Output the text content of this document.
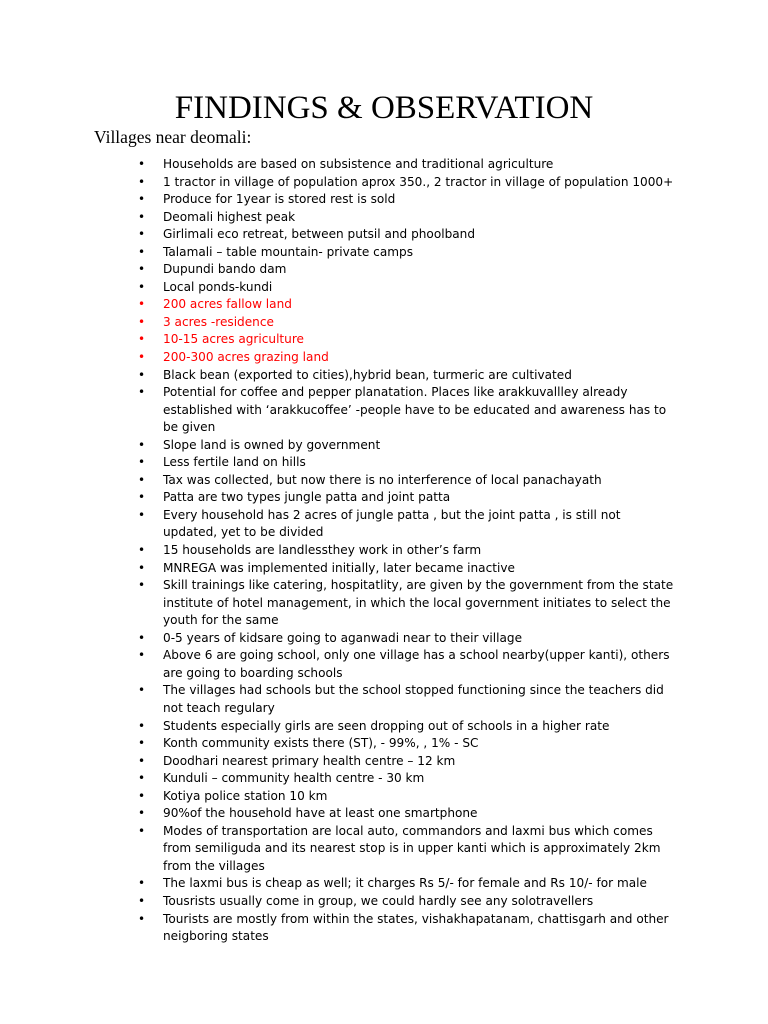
FINDINGS & OBSERVATION
Villages near deomali:
• Households are based on subsistence and traditional agriculture
• 1 tractor in village of population aprox 350., 2 tractor in village of population 1000+
• Produce for 1year is stored rest is sold
• Deomali highest peak
• Girlimali eco retreat, between putsil and phoolband
• Talamali – table mountain- private camps
• Dupundi bando dam
• Local ponds-kundi
• 200 acres fallow land
• 3 acres -residence
• 10-15 acres agriculture
• 200-300 acres grazing land
• Black bean (exported to cities),hybrid bean, turmeric are cultivated
• Potential for coffee and pepper planatation. Places like arakkuvallley already established with ‘arakkucoffee’ -people have to be educated and awareness has to be given
• Slope land is owned by government
• Less fertile land on hills
• Tax was collected, but now there is no interference of local panachayath
• Patta are two types jungle patta and joint patta
• Every household has 2 acres of jungle patta , but the joint patta , is still not updated, yet to be divided
• 15 households are landlessthey work in other’s farm
• MNREGA was implemented initially, later became inactive
• Skill trainings like catering, hospitatlity, are given by the government from the state institute of hotel management, in which the local government initiates to select the youth for the same
• 0-5 years of kidsare going to aganwadi near to their village
• Above 6 are going school, only one village has a school nearby(upper kanti), others are going to boarding schools
• The villages had schools but the school stopped functioning since the teachers did not teach regulary
• Students especially girls are seen dropping out of schools in a higher rate
• Konth community exists there (ST), - 99%, , 1% - SC
• Doodhari nearest primary health centre – 12 km
• Kunduli – community health centre - 30 km
• Kotiya police station 10 km
• 90%of the household have at least one smartphone
• Modes of transportation are local auto, commandors and laxmi bus which comes from semiliguda and its nearest stop is in upper kanti which is approximately 2km from the villages
• The laxmi bus is cheap as well; it charges Rs 5/- for female and Rs 10/- for male
• Tousrists usually come in group, we could hardly see any solotravellers
• Tourists are mostly from within the states, vishakhapatanam, chattisgarh and other neigboring states
